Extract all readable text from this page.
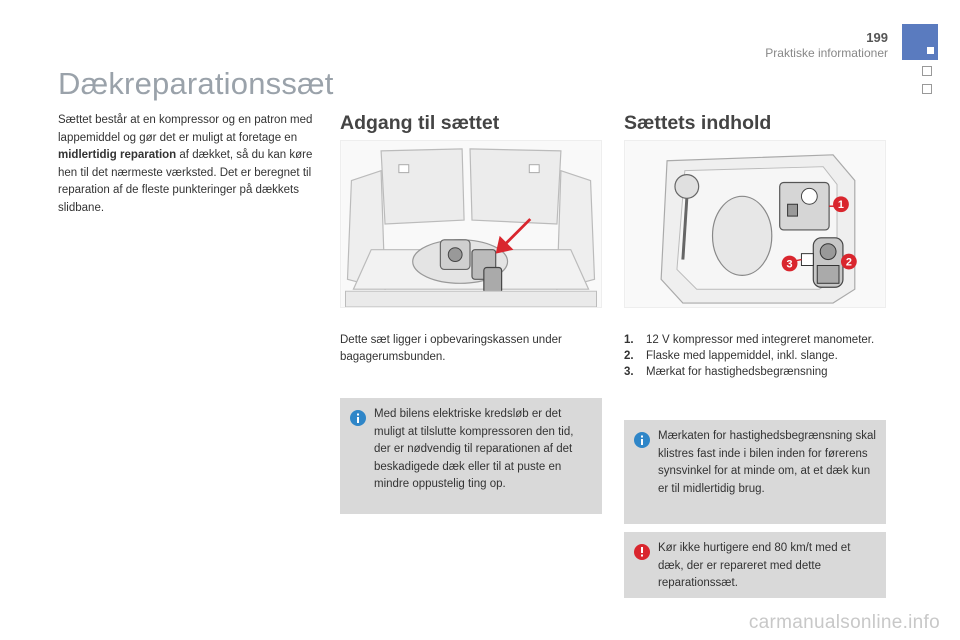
199
Praktiske informationer
Dækreparationssæt

Sættet består at en kompressor og en patron med lappemiddel og gør det er muligt at foretage en midlertidig reparation af dækket, så du kan køre hen til det nærmeste værksted. Det er beregnet til reparation af de fleste punkteringer på dækkets slidbane.

Adgang til sættet

Dette sæt ligger i opbevaringskassen under bagagerumsbunden.

Med bilens elektriske kredsløb er det muligt at tilslutte kompressoren den tid, der er nødvendig til reparationen af det beskadigede dæk eller til at puste en mindre oppustelig ting op.

Sættets indhold
1
2
3
1. 12 V kompressor med integreret manometer.
2. Flaske med lappemiddel, inkl. slange.
3. Mærkat for hastighedsbegrænsning

Mærkaten for hastighedsbegrænsning skal klistres fast inde i bilen inden for førerens synsvinkel for at minde om, at et dæk kun er til midlertidig brug.

Kør ikke hurtigere end 80 km/t med et dæk, der er repareret med dette reparationssæt.

carmanualsonline.info
